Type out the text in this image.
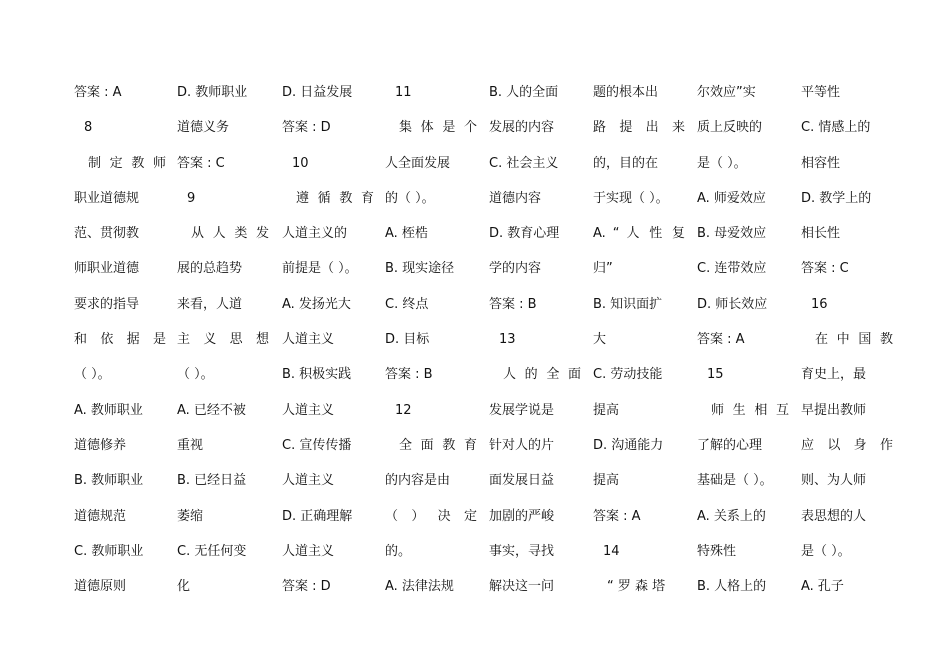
答案 : A
8
制 定 教 师
职业道德规
范、贯彻教
师职业道德
要求的指导
和 依 据 是
（ ）。
A. 教师职业
道德修养
B. 教师职业
道德规范
C. 教师职业
道德原则
D. 教师职业
道德义务
答案 : C
9
从 人 类 发
展的总趋势
来看，人道
主 义 思 想
（ ）。
A. 已经不被
重视
B. 已经日益
萎缩
C. 无任何变
化
D. 日益发展
答案 : D
10
遵 循 教 育
人道主义的
前提是（ ）。
A. 发扬光大
人道主义
B. 积极实践
人道主义
C. 宣传传播
人道主义
D. 正确理解
人道主义
答案 : D
11
集 体 是 个
人全面发展
的（ ）。
A. 桎梏
B. 现实途径
C. 终点
D. 目标
答案 : B
12
全 面 教 育
的内容是由
（ ） 决 定
的。
A. 法律法规
B. 人的全面
发展的内容
C. 社会主义
道德内容
D. 教育心理
学的内容
答案 : B
13
人 的 全 面
发展学说是
针对人的片
面发展日益
加剧的严峻
事实，寻找
解决这一问
题的根本出
路 提 出 来
的，目的在
于实现（ ）。
A. “ 人 性 复
归”
B. 知识面扩
大
C. 劳动技能
提高
D. 沟通能力
提高
答案 : A
14
“ 罗 森 塔
尔效应”实
质上反映的
是（ ）。
A. 师爱效应
B. 母爱效应
C. 连带效应
D. 师长效应
答案 : A
15
师 生 相 互
了解的心理
基础是（ ）。
A. 关系上的
特殊性
B. 人格上的
平等性
C. 情感上的
相容性
D. 教学上的
相长性
答案 : C
16
在 中 国 教
育史上，最
早提出教师
应 以 身 作
则、为人师
表思想的人
是（ ）。
A. 孔子
